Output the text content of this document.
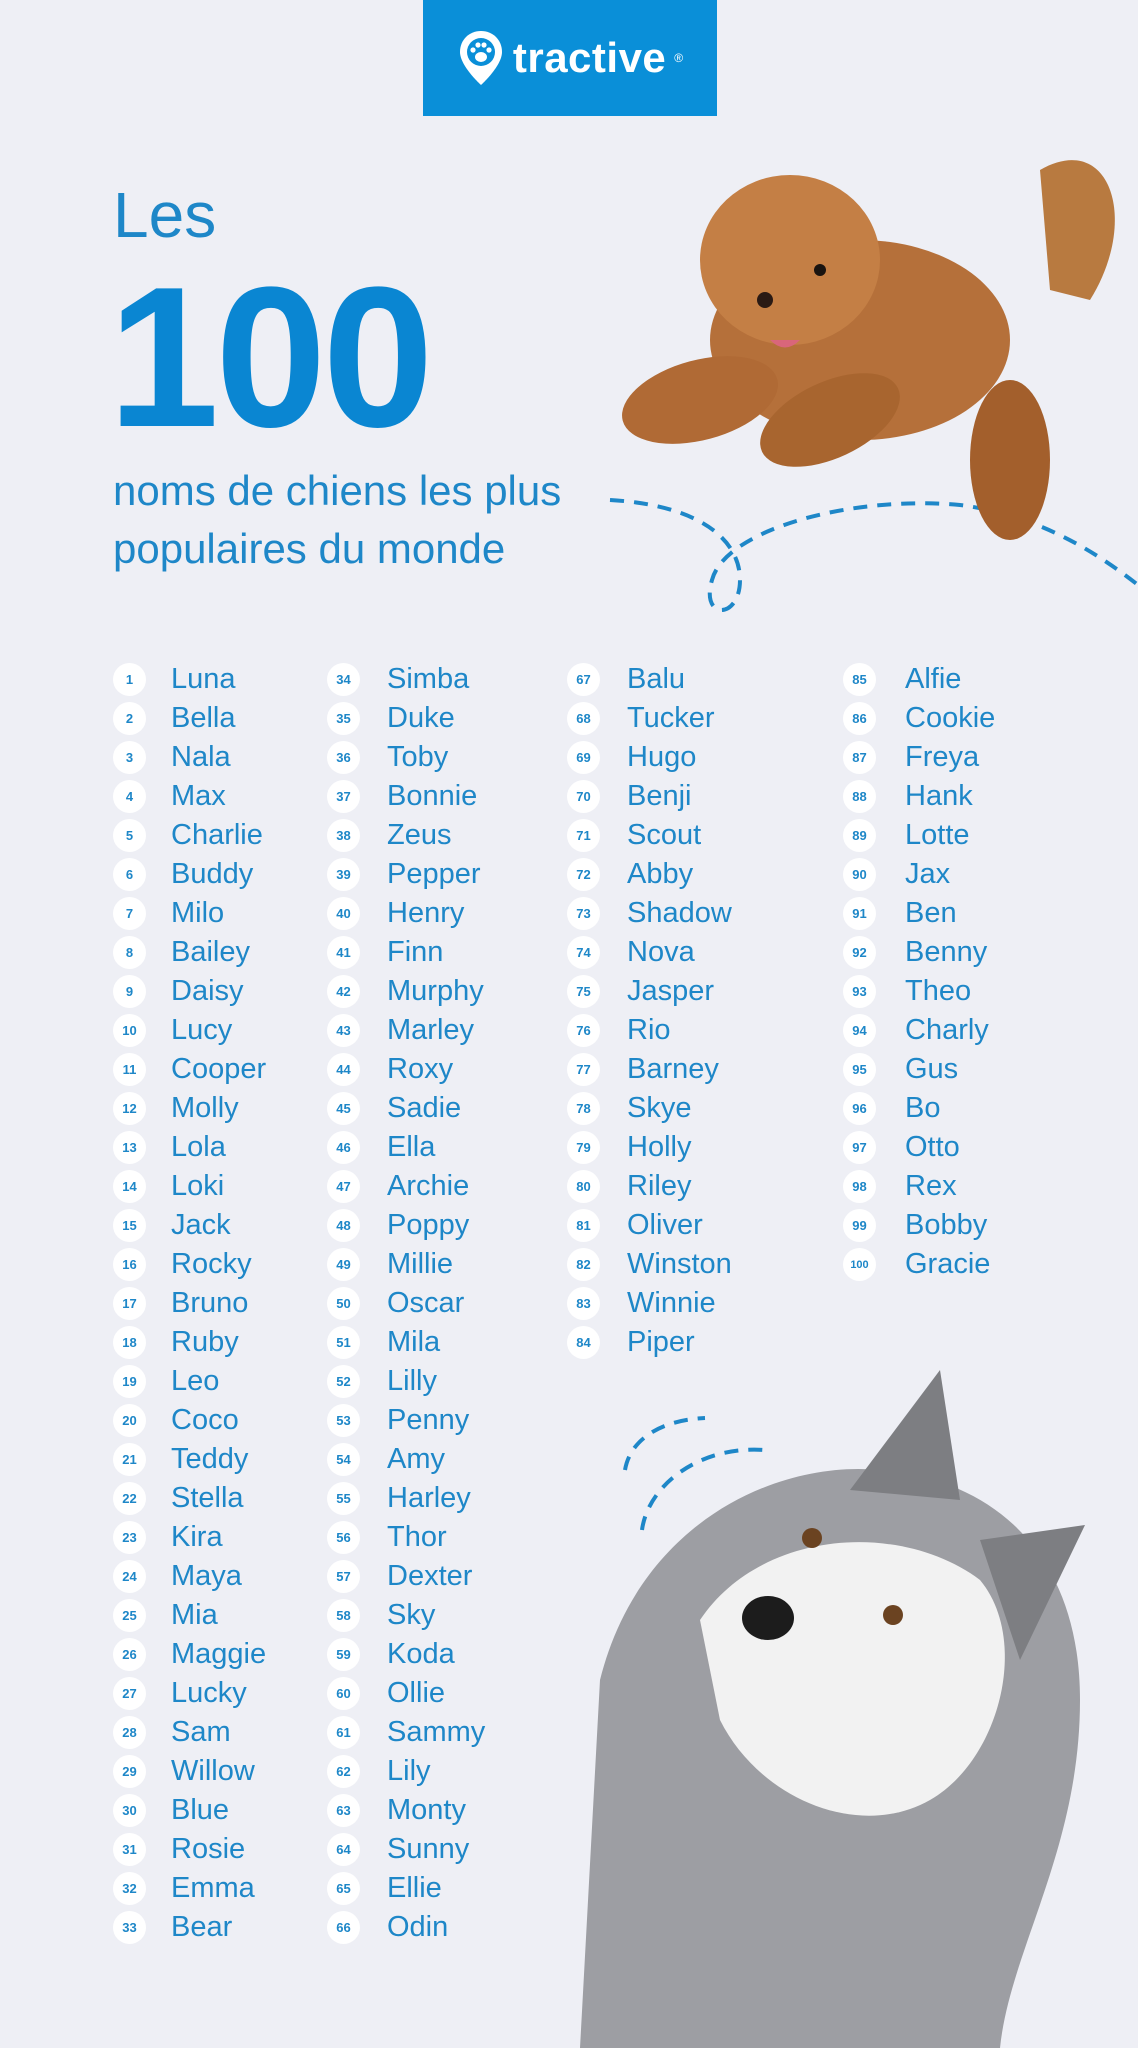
tractive ®
Les
100
noms de chiens les plus populaires du monde
1	Luna
2	Bella
3	Nala
4	Max
5	Charlie
6	Buddy
7	Milo
8	Bailey
9	Daisy
10	Lucy
11	Cooper
12	Molly
13	Lola
14	Loki
15	Jack
16	Rocky
17	Bruno
18	Ruby
19	Leo
20	Coco
21	Teddy
22	Stella
23	Kira
24	Maya
25	Mia
26	Maggie
27	Lucky
28	Sam
29	Willow
30	Blue
31	Rosie
32	Emma
33	Bear
34	Simba
35	Duke
36	Toby
37	Bonnie
38	Zeus
39	Pepper
40	Henry
41	Finn
42	Murphy
43	Marley
44	Roxy
45	Sadie
46	Ella
47	Archie
48	Poppy
49	Millie
50	Oscar
51	Mila
52	Lilly
53	Penny
54	Amy
55	Harley
56	Thor
57	Dexter
58	Sky
59	Koda
60	Ollie
61	Sammy
62	Lily
63	Monty
64	Sunny
65	Ellie
66	Odin
67	Balu
68	Tucker
69	Hugo
70	Benji
71	Scout
72	Abby
73	Shadow
74	Nova
75	Jasper
76	Rio
77	Barney
78	Skye
79	Holly
80	Riley
81	Oliver
82	Winston
83	Winnie
84	Piper
85	Alfie
86	Cookie
87	Freya
88	Hank
89	Lotte
90	Jax
91	Ben
92	Benny
93	Theo
94	Charly
95	Gus
96	Bo
97	Otto
98	Rex
99	Bobby
100 Gracie
